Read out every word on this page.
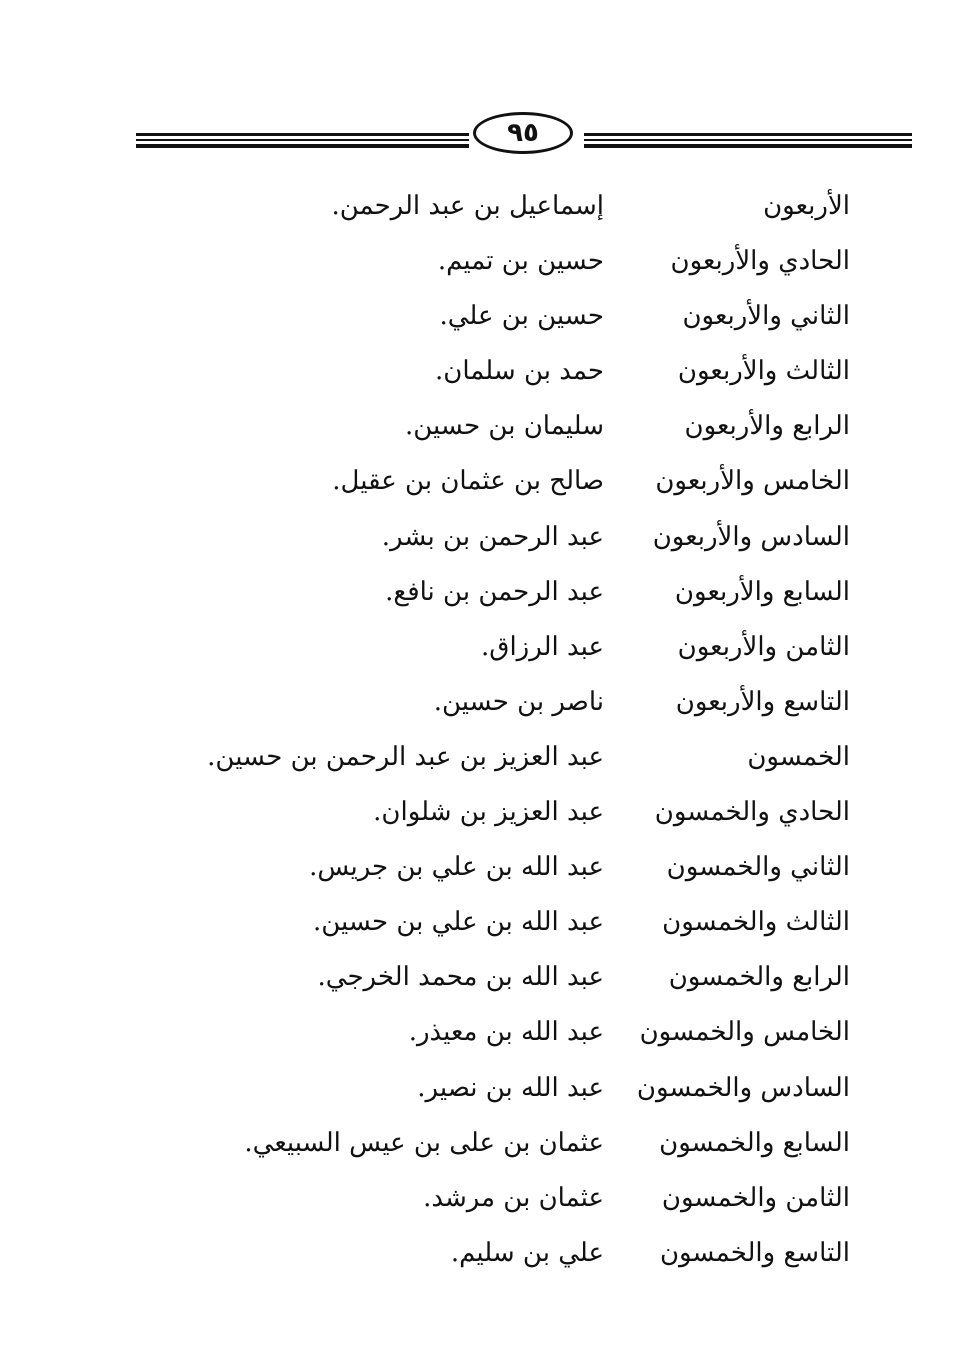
٩٥
الأربعون
إسماعيل بن عبد الرحمن.
الحادي والأربعون
حسين بن تميم.
الثاني والأربعون
حسين بن علي.
الثالث والأربعون
حمد بن سلمان.
الرابع والأربعون
سليمان بن حسين.
الخامس والأربعون
صالح بن عثمان بن عقيل.
السادس والأربعون
عبد الرحمن بن بشر.
السابع والأربعون
عبد الرحمن بن نافع.
الثامن والأربعون
عبد الرزاق.
التاسع والأربعون
ناصر بن حسين.
الخمسون
عبد العزيز بن عبد الرحمن بن حسين.
الحادي والخمسون
عبد العزيز بن شلوان.
الثاني والخمسون
عبد الله بن علي بن جريس.
الثالث والخمسون
عبد الله بن علي بن حسين.
الرابع والخمسون
عبد الله بن محمد الخرجي.
الخامس والخمسون
عبد الله بن معيذر.
السادس والخمسون
عبد الله بن نصير.
السابع والخمسون
عثمان بن على بن عيس السبيعي.
الثامن والخمسون
عثمان بن مرشد.
التاسع والخمسون
علي بن سليم.
